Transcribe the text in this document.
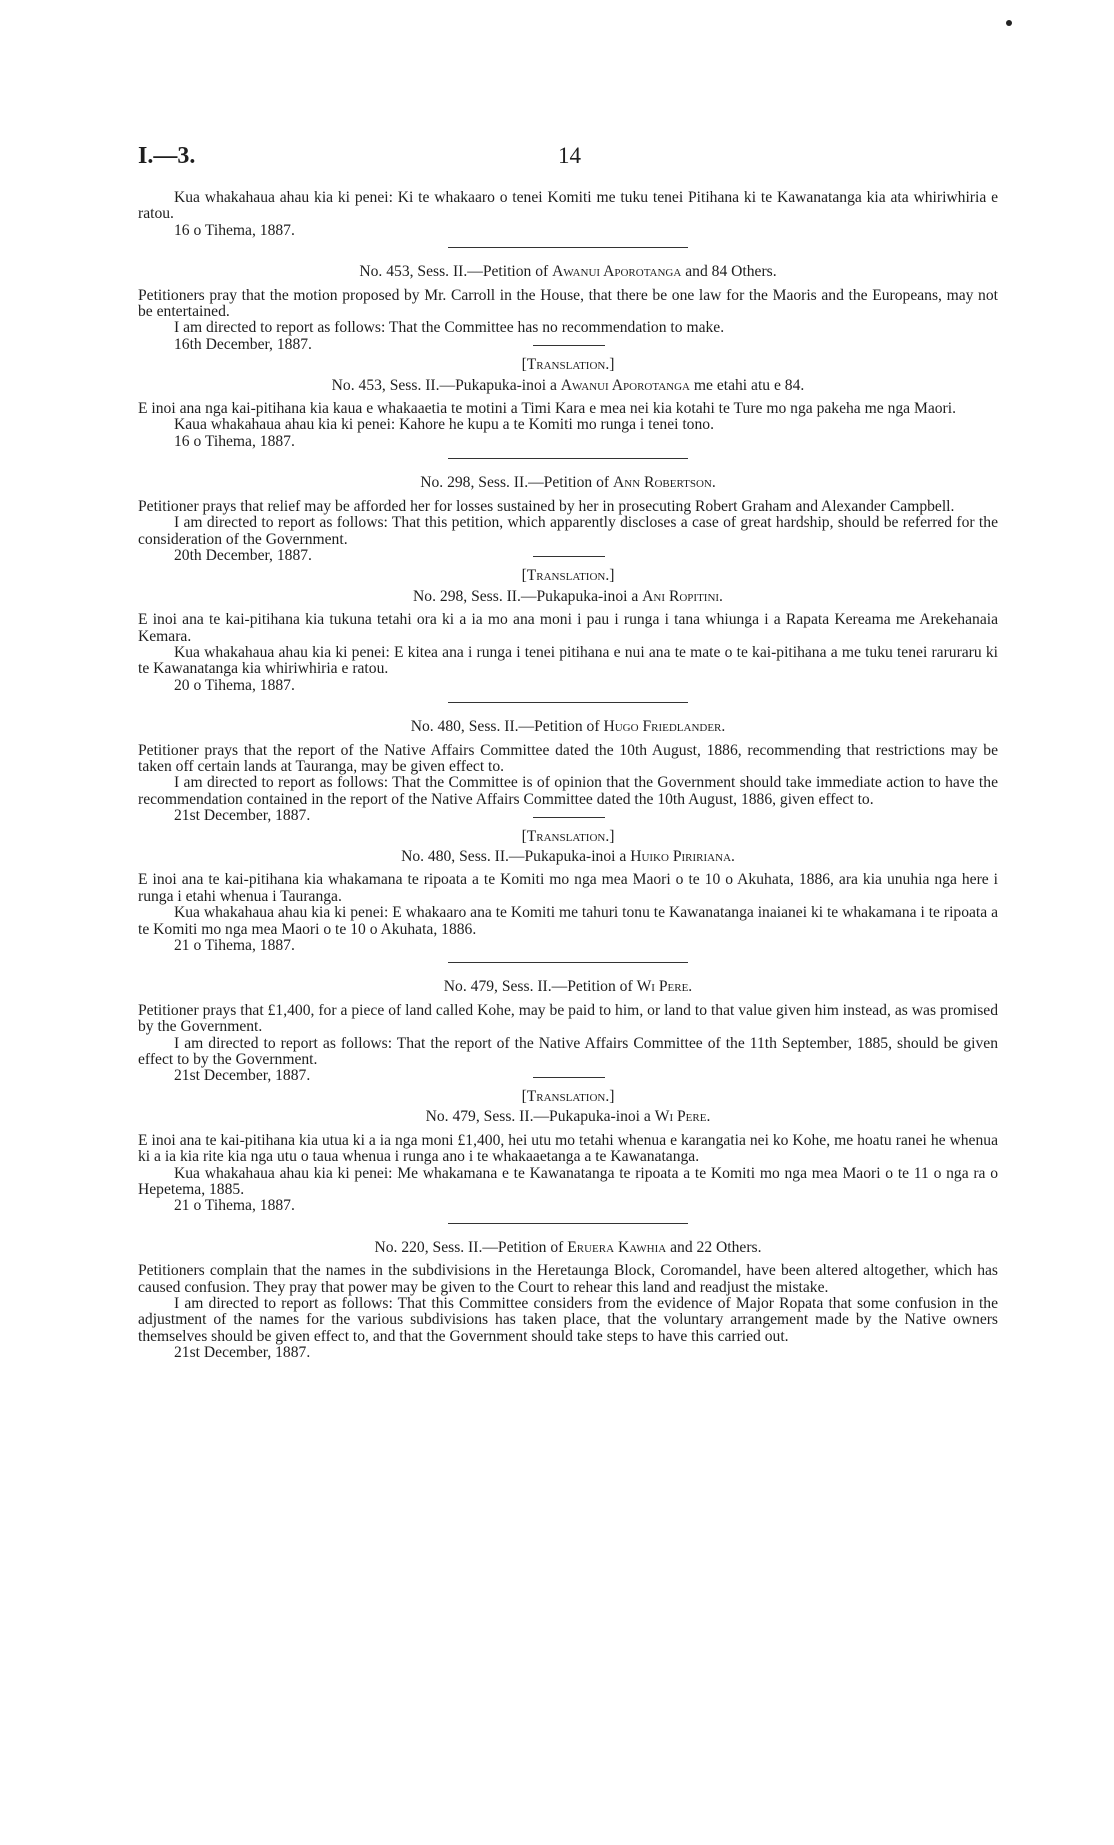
I.—3.	14

Kua whakahaua ahau kia ki penei: Ki te whakaaro o tenei Komiti me tuku tenei Pitihana ki te Kawanatanga kia ata whiriwhiria e ratou.

16 o Tihema, 1887.

No. 453, Sess. II.—Petition of Awanui Aporotanga and 84 Others.

Petitioners pray that the motion proposed by Mr. Carroll in the House, that there be one law for the Maoris and the Europeans, may not be entertained.

I am directed to report as follows: That the Committee has no recommendation to make.

16th December, 1887.

[Translation.]

No. 453, Sess. II.—Pukapuka-inoi a Awanui Aporotanga me etahi atu e 84.

E inoi ana nga kai-pitihana kia kaua e whakaaetia te motini a Timi Kara e mea nei kia kotahi te Ture mo nga pakeha me nga Maori.

Kaua whakahaua ahau kia ki penei: Kahore he kupu a te Komiti mo runga i tenei tono.

16 o Tihema, 1887.

No. 298, Sess. II.—Petition of Ann Robertson.

Petitioner prays that relief may be afforded her for losses sustained by her in prosecuting Robert Graham and Alexander Campbell.

I am directed to report as follows: That this petition, which apparently discloses a case of great hardship, should be referred for the consideration of the Government.

20th December, 1887.

[Translation.]

No. 298, Sess. II.—Pukapuka-inoi a Ani Ropitini.

E inoi ana te kai-pitihana kia tukuna tetahi ora ki a ia mo ana moni i pau i runga i tana whiunga i a Rapata Kereama me Arekehanaia Kemara.

Kua whakahaua ahau kia ki penei: E kitea ana i runga i tenei pitihana e nui ana te mate o te kai-pitihana a me tuku tenei raruraru ki te Kawanatanga kia whiriwhiria e ratou.

20 o Tihema, 1887.

No. 480, Sess. II.—Petition of Hugo Friedlander.

Petitioner prays that the report of the Native Affairs Committee dated the 10th August, 1886, recommending that restrictions may be taken off certain lands at Tauranga, may be given effect to.

I am directed to report as follows: That the Committee is of opinion that the Government should take immediate action to have the recommendation contained in the report of the Native Affairs Committee dated the 10th August, 1886, given effect to.

21st December, 1887.

[Translation.]

No. 480, Sess. II.—Pukapuka-inoi a Huiko Piririana.

E inoi ana te kai-pitihana kia whakamana te ripoata a te Komiti mo nga mea Maori o te 10 o Akuhata, 1886, ara kia unuhia nga here i runga i etahi whenua i Tauranga.

Kua whakahaua ahau kia ki penei: E whakaaro ana te Komiti me tahuri tonu te Kawanatanga inaianei ki te whakamana i te ripoata a te Komiti mo nga mea Maori o te 10 o Akuhata, 1886.

21 o Tihema, 1887.

No. 479, Sess. II.—Petition of Wi Pere.

Petitioner prays that £1,400, for a piece of land called Kohe, may be paid to him, or land to that value given him instead, as was promised by the Government.

I am directed to report as follows: That the report of the Native Affairs Committee of the 11th September, 1885, should be given effect to by the Government.

21st December, 1887.

[Translation.]

No. 479, Sess. II.—Pukapuka-inoi a Wi Pere.

E inoi ana te kai-pitihana kia utua ki a ia nga moni £1,400, hei utu mo tetahi whenua e karangatia nei ko Kohe, me hoatu ranei he whenua ki a ia kia rite kia nga utu o taua whenua i runga ano i te whakaaetanga a te Kawanatanga.

Kua whakahaua ahau kia ki penei: Me whakamana e te Kawanatanga te ripoata a te Komiti mo nga mea Maori o te 11 o nga ra o Hepetema, 1885.

21 o Tihema, 1887.

No. 220, Sess. II.—Petition of Eruera Kawhia and 22 Others.

Petitioners complain that the names in the subdivisions in the Heretaunga Block, Coromandel, have been altered altogether, which has caused confusion. They pray that power may be given to the Court to rehear this land and readjust the mistake.

I am directed to report as follows: That this Committee considers from the evidence of Major Ropata that some confusion in the adjustment of the names for the various subdivisions has taken place, that the voluntary arrangement made by the Native owners themselves should be given effect to, and that the Government should take steps to have this carried out.

21st December, 1887.
